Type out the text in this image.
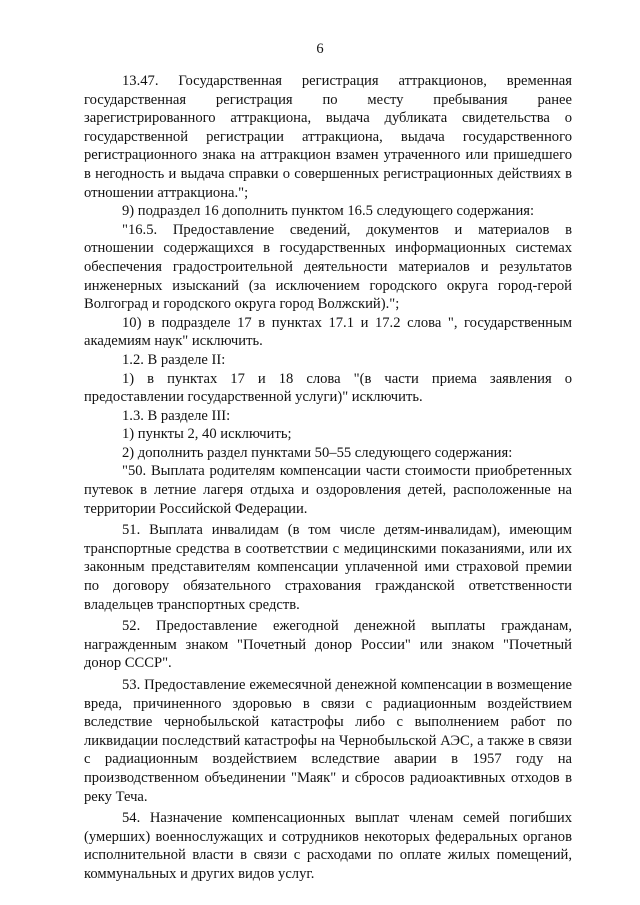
6

13.47. Государственная регистрация аттракционов, временная государственная регистрация по месту пребывания ранее зарегистрированного аттракциона, выдача дубликата свидетельства о государственной регистрации аттракциона, выдача государственного регистрационного знака на аттракцион взамен утраченного или пришедшего в негодность и выдача справки о совершенных регистрационных действиях в отношении аттракциона.";

9) подраздел 16 дополнить пунктом 16.5 следующего содержания:

"16.5. Предоставление сведений, документов и материалов в отношении содержащихся в государственных информационных системах обеспечения градостроительной деятельности материалов и результатов инженерных изысканий (за исключением городского округа город-герой Волгоград и городского округа город Волжский).";

10) в подразделе 17 в пунктах 17.1 и 17.2 слова ", государственным академиям наук" исключить.

1.2. В разделе II:

1) в пунктах 17 и 18 слова "(в части приема заявления о предоставлении государственной услуги)" исключить.

1.3. В разделе III:

1) пункты 2, 40 исключить;

2) дополнить раздел пунктами 50–55 следующего содержания:

"50. Выплата родителям компенсации части стоимости приобретенных путевок в летние лагеря отдыха и оздоровления детей, расположенные на территории Российской Федерации.

51. Выплата инвалидам (в том числе детям-инвалидам), имеющим транспортные средства в соответствии с медицинскими показаниями, или их законным представителям компенсации уплаченной ими страховой премии по договору обязательного страхования гражданской ответственности владельцев транспортных средств.

52. Предоставление ежегодной денежной выплаты гражданам, награжденным знаком "Почетный донор России" или знаком "Почетный донор СССР".

53. Предоставление ежемесячной денежной компенсации в возмещение вреда, причиненного здоровью в связи с радиационным воздействием вследствие чернобыльской катастрофы либо с выполнением работ по ликвидации последствий катастрофы на Чернобыльской АЭС, а также в связи с радиационным воздействием вследствие аварии в 1957 году на производственном объединении "Маяк" и сбросов радиоактивных отходов в реку Теча.

54. Назначение компенсационных выплат членам семей погибших (умерших) военнослужащих и сотрудников некоторых федеральных органов исполнительной власти в связи с расходами по оплате жилых помещений, коммунальных и других видов услуг.
